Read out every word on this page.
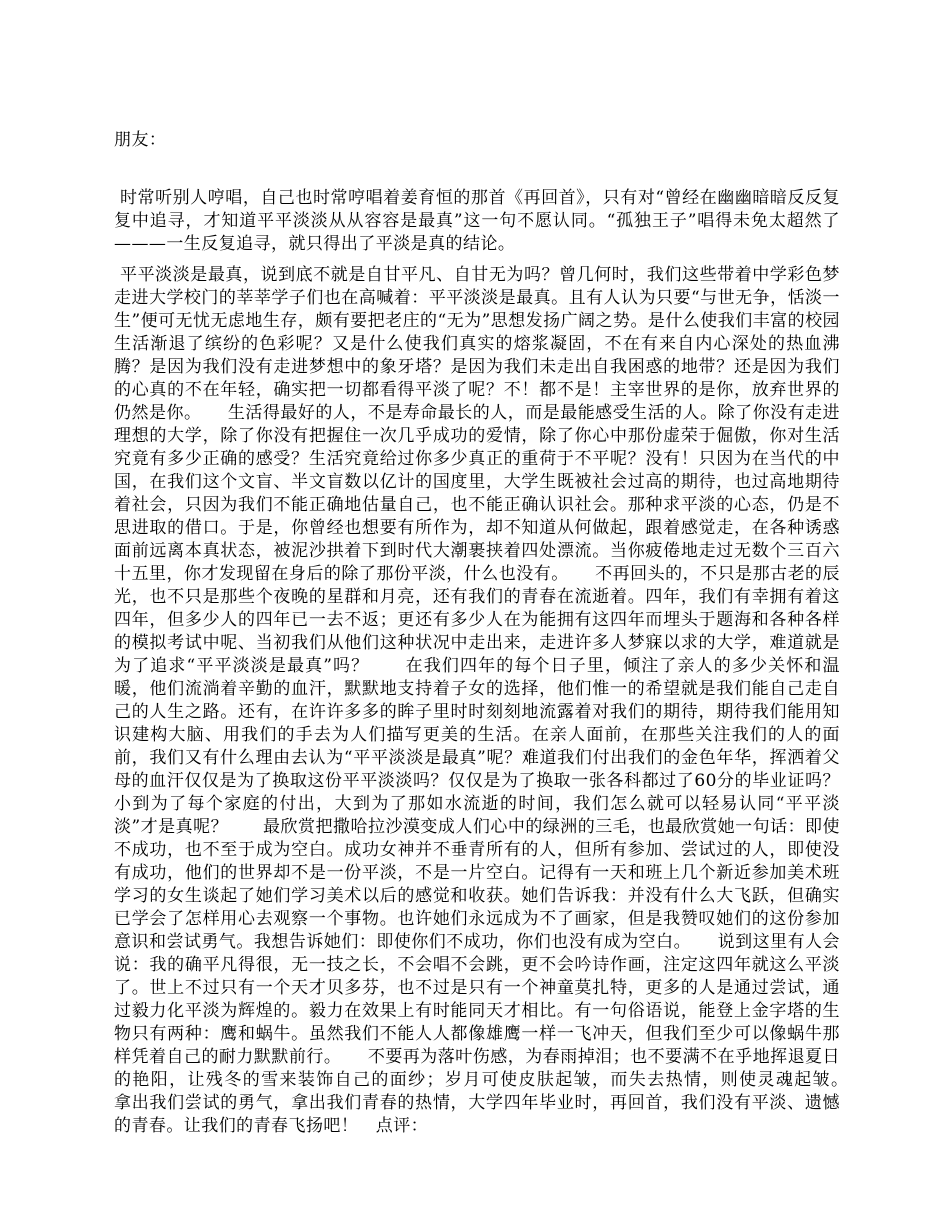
朋友：

时常听别人哼唱，自己也时常哼唱着姜育恒的那首《再回首》，只有对“曾经在幽幽暗暗反反复复中追寻，才知道平平淡淡从从容容是最真”这一句不愿认同。“孤独王子”唱得未免太超然了———一生反复追寻，就只得出了平淡是真的结论。

平平淡淡是最真，说到底不就是自甘平凡、自甘无为吗？曾几何时，我们这些带着中学彩色梦走进大学校门的莘莘学子们也在高喊着：平平淡淡是最真。且有人认为只要“与世无争，恬淡一生”便可无忧无虑地生存，颇有要把老庄的“无为”思想发扬广阔之势。是什么使我们丰富的校园生活渐退了缤纷的色彩呢？又是什么使我们真实的熔浆凝固，不在有来自内心深处的热血沸腾？是因为我们没有走进梦想中的象牙塔？是因为我们未走出自我困惑的地带？还是因为我们的心真的不在年轻，确实把一切都看得平淡了呢？不！都不是！主宰世界的是你，放弃世界的仍然是你。　　生活得最好的人，不是寿命最长的人，而是最能感受生活的人。除了你没有走进理想的大学，除了你没有把握住一次几乎成功的爱情，除了你心中那份虚荣于倔傲，你对生活究竟有多少正确的感受？生活究竟给过你多少真正的重荷于不平呢？没有！只因为在当代的中国，在我们这个文盲、半文盲数以亿计的国度里，大学生既被社会过高的期待，也过高地期待着社会，只因为我们不能正确地估量自己，也不能正确认识社会。那种求平淡的心态，仍是不思进取的借口。于是，你曾经也想要有所作为，却不知道从何做起，跟着感觉走，在各种诱惑面前远离本真状态，被泥沙拱着下到时代大潮裹挟着四处漂流。当你疲倦地走过无数个三百六十五里，你才发现留在身后的除了那份平淡，什么也没有。　　不再回头的，不只是那古老的辰光，也不只是那些个夜晚的星群和月亮，还有我们的青春在流逝着。四年，我们有幸拥有着这四年，但多少人的四年已一去不返；更还有多少人在为能拥有这四年而埋头于题海和各种各样的模拟考试中呢、当初我们从他们这种状况中走出来，走进许多人梦寐以求的大学，难道就是为了追求“平平淡淡是最真”吗？　　在我们四年的每个日子里，倾注了亲人的多少关怀和温暖，他们流淌着辛勤的血汗，默默地支持着子女的选择，他们惟一的希望就是我们能自己走自己的人生之路。还有，在许许多多的眸子里时时刻刻地流露着对我们的期待，期待我们能用知识建构大脑、用我们的手去为人们描写更美的生活。在亲人面前，在那些关注我们的人的面前，我们又有什么理由去认为“平平淡淡是最真”呢？难道我们付出我们的金色年华，挥洒着父母的血汗仅仅是为了换取这份平平淡淡吗？仅仅是为了换取一张各科都过了60分的毕业证吗？小到为了每个家庭的付出，大到为了那如水流逝的时间，我们怎么就可以轻易认同“平平淡淡”才是真呢？　　最欣赏把撒哈拉沙漠变成人们心中的绿洲的三毛，也最欣赏她一句话：即使不成功，也不至于成为空白。成功女神并不垂青所有的人，但所有参加、尝试过的人，即使没有成功，他们的世界却不是一份平淡，不是一片空白。记得有一天和班上几个新近参加美术班学习的女生谈起了她们学习美术以后的感觉和收获。她们告诉我：并没有什么大飞跃，但确实已学会了怎样用心去观察一个事物。也许她们永远成为不了画家，但是我赞叹她们的这份参加意识和尝试勇气。我想告诉她们：即使你们不成功，你们也没有成为空白。　　说到这里有人会说：我的确平凡得很，无一技之长，不会唱不会跳，更不会吟诗作画，注定这四年就这么平淡了。世上不过只有一个天才贝多芬，也不过是只有一个神童莫扎特，更多的人是通过尝试，通过毅力化平淡为辉煌的。毅力在效果上有时能同天才相比。有一句俗语说，能登上金字塔的生物只有两种：鹰和蜗牛。虽然我们不能人人都像雄鹰一样一飞冲天，但我们至少可以像蜗牛那样凭着自己的耐力默默前行。　　不要再为落叶伤感，为春雨掉泪；也不要满不在乎地挥退夏日的艳阳，让残冬的雪来装饰自己的面纱；岁月可使皮肤起皱，而失去热情，则使灵魂起皱。　　拿出我们尝试的勇气，拿出我们青春的热情，大学四年毕业时，再回首，我们没有平淡、遗憾的青春。让我们的青春飞扬吧！　点评：
